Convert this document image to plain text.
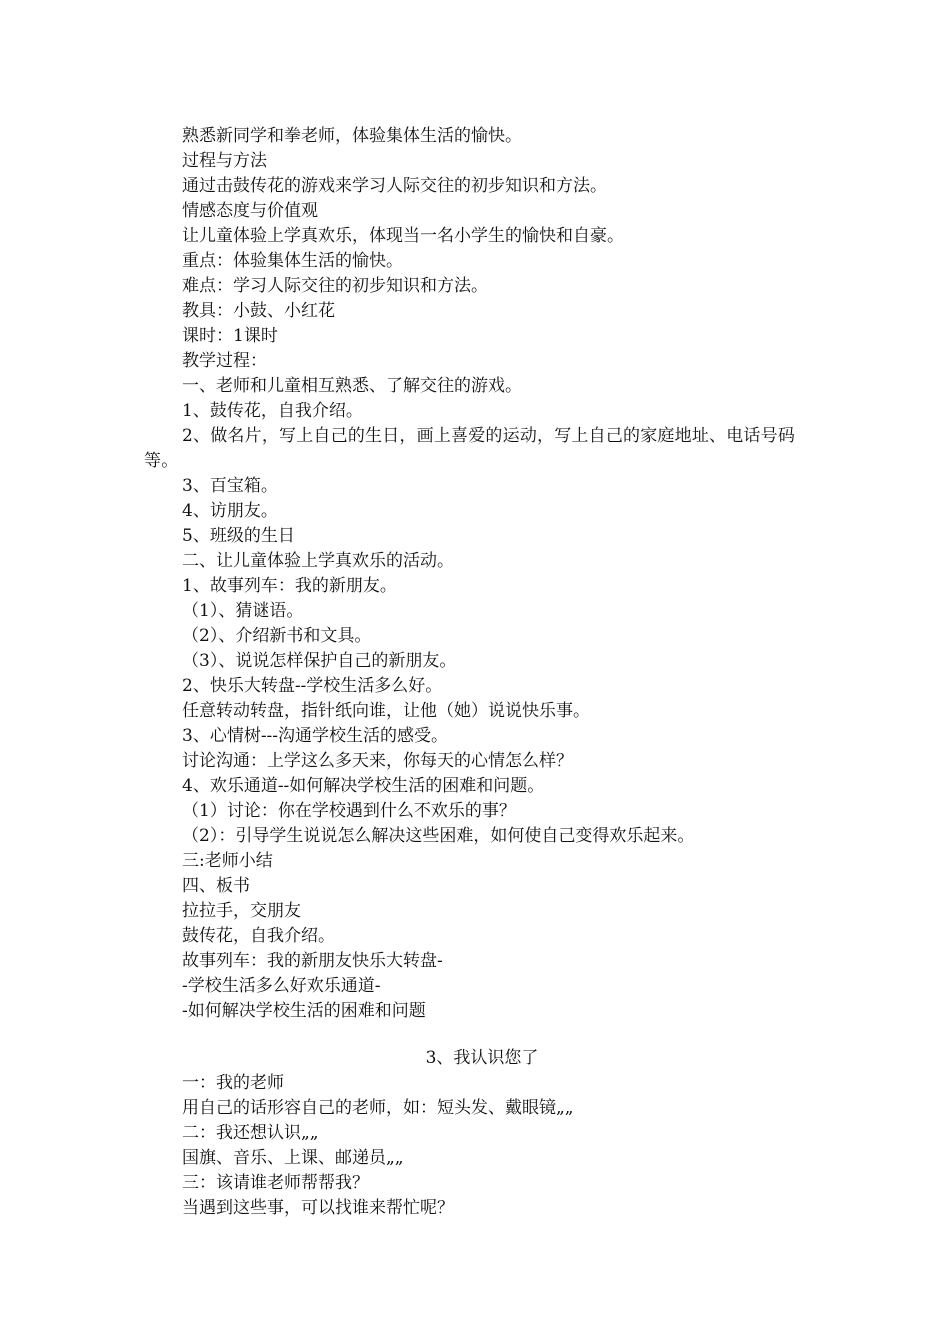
熟悉新同学和拳老师，体验集体生活的愉快。
过程与方法
通过击鼓传花的游戏来学习人际交往的初步知识和方法。
情感态度与价值观
让儿童体验上学真欢乐，体现当一名小学生的愉快和自豪。
重点：体验集体生活的愉快。
难点：学习人际交往的初步知识和方法。
教具：小鼓、小红花
课时：1课时
教学过程：
一、老师和儿童相互熟悉、了解交往的游戏。
1、鼓传花，自我介绍。
2、做名片，写上自己的生日，画上喜爱的运动，写上自己的家庭地址、电话号码等。
3、百宝箱。
4、访朋友。
5、班级的生日
二、让儿童体验上学真欢乐的活动。
1、故事列车：我的新朋友。
（1）、猜谜语。
（2）、介绍新书和文具。
（3）、说说怎样保护自己的新朋友。
2、快乐大转盘--学校生活多么好。
任意转动转盘，指针纸向谁，让他（她）说说快乐事。
3、心情树---沟通学校生活的感受。
讨论沟通：上学这么多天来，你每天的心情怎么样？
4、欢乐通道--如何解决学校生活的困难和问题。
（1）讨论：你在学校遇到什么不欢乐的事？
（2）：引导学生说说怎么解决这些困难，如何使自己变得欢乐起来。
三:老师小结
四、板书
拉拉手，交朋友
鼓传花，自我介绍。
故事列车：我的新朋友快乐大转盘-
-学校生活多么好欢乐通道-
-如何解决学校生活的困难和问题
3、我认识您了
一：我的老师
用自己的话形容自己的老师，如：短头发、戴眼镜„„
二：我还想认识„„
国旗、音乐、上课、邮递员„„
三：该请谁老师帮帮我？
当遇到这些事，可以找谁来帮忙呢？
